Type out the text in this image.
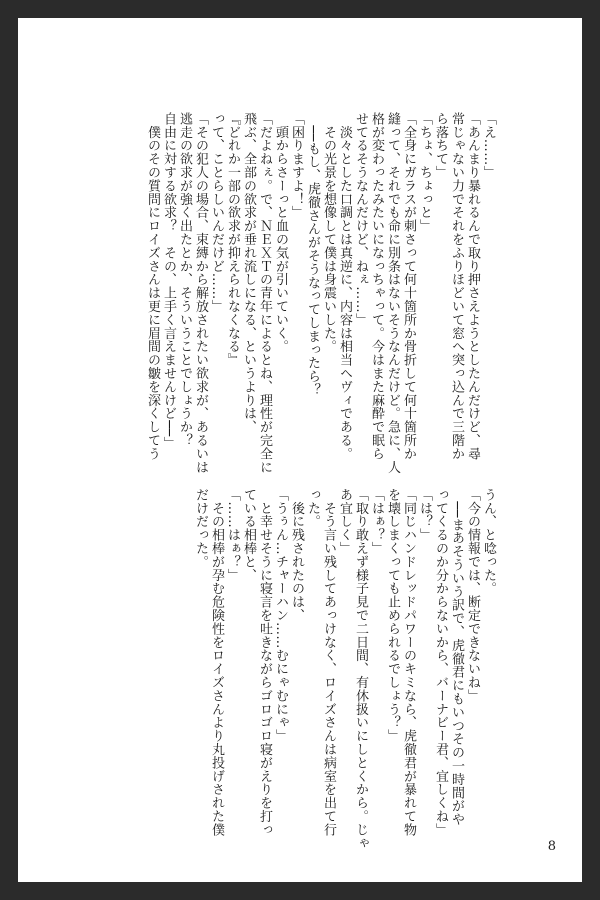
「え……」

「あんまり暴れるんで取り押さえようとしたんだけど、尋

常じゃない力でそれをふりほどいて窓へ突っ込んで三階か

ら落ちて」

「ちょ、ちょっと」

「全身にガラスが刺さって何十箇所か骨折して何十箇所か

縫って、それでも命に別条はないそうなんだけど。急に、人

格が変わったみたいになっちゃって。今はまた麻酔で眠ら

せてるそうなんだけど、ねぇ……」

　淡々とした口調とは真逆に、内容は相当ヘヴィである。

　その光景を想像して僕は身震いした。

　──もし、虎徹さんがそうなってしまったら？

「困りますよ！」

　頭からさーっと血の気が引いていく。

「だよねぇ。で、ＮＥＸＴの青年によるとね、理性が完全に

飛ぶ、全部の欲求が垂れ流しになる、というよりは、

『どれか一部の欲求が抑えられなくなる』

って、ことらしいんだけど……」

「その犯人の場合、束縛から解放されたい欲求が、あるいは

逃走の欲求が強く出たとか、そういうことでしょうか？

自由に対する欲求？　その、上手く言えませんけど──」

　僕のその質問にロイズさんは更に眉間の皺を深くしてう

うん、と唸った。

「今の情報では、断定できないね」

　──まあそういう訳で、虎徹君にもいつその一時間がや

ってくるのか分からないから、バーナビー君、宜しくね」

「は？」

「同じハンドレッドパワーのキミなら、虎徹君が暴れて物

を壊しまくっても止められるでしょう？」

「はぁ？」

「取り敢えず様子見で二日間、有休扱いにしとくから。じゃ

あ宜しく」

　そう言い残してあっけなく、ロイズさんは病室を出て行

った。

　後に残されたのは、

「うぅん…チャーハン……むにゃむにゃ」

　と幸せそうに寝言を吐きながらゴロゴロ寝がえりを打っ

ている相棒と、

「……はぁ？」

　その相棒が孕む危険性をロイズさんより丸投げされた僕

だけだった。

8
